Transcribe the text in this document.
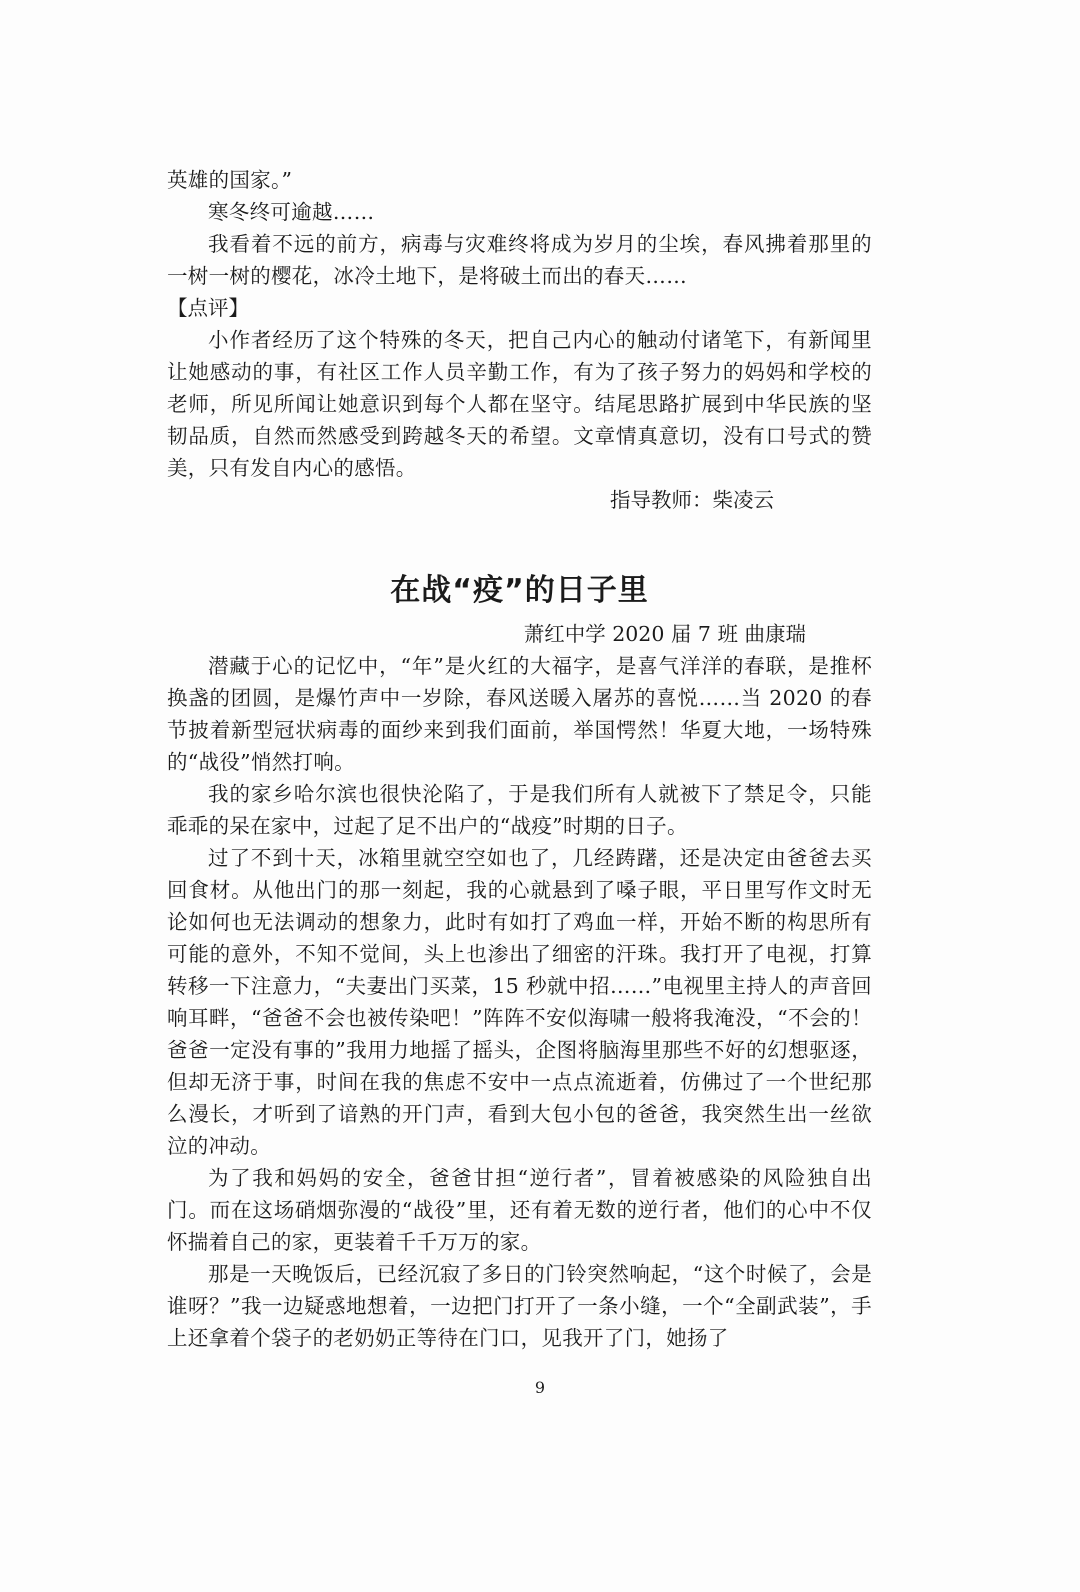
英雄的国家。”

寒冬终可逾越……

我看着不远的前方，病毒与灾难终将成为岁月的尘埃，春风拂着那里的一树一树的樱花，冰冷土地下，是将破土而出的春天……

【点评】

小作者经历了这个特殊的冬天，把自己内心的触动付诸笔下，有新闻里让她感动的事，有社区工作人员辛勤工作，有为了孩子努力的妈妈和学校的老师，所见所闻让她意识到每个人都在坚守。结尾思路扩展到中华民族的坚韧品质，自然而然感受到跨越冬天的希望。文章情真意切，没有口号式的赞美，只有发自内心的感悟。

指导教师：柴凌云

在战“疫”的日子里

萧红中学 2020 届 7 班 曲康瑞

潜藏于心的记忆中，“年”是火红的大福字，是喜气洋洋的春联，是推杯换盏的团圆，是爆竹声中一岁除，春风送暖入屠苏的喜悦……当 2020 的春节披着新型冠状病毒的面纱来到我们面前，举国愕然！华夏大地，一场特殊的“战役”悄然打响。

我的家乡哈尔滨也很快沦陷了，于是我们所有人就被下了禁足令，只能乖乖的呆在家中，过起了足不出户的“战疫”时期的日子。

过了不到十天，冰箱里就空空如也了，几经踌躇，还是决定由爸爸去买回食材。从他出门的那一刻起，我的心就悬到了嗓子眼，平日里写作文时无论如何也无法调动的想象力，此时有如打了鸡血一样，开始不断的构思所有可能的意外，不知不觉间，头上也渗出了细密的汗珠。我打开了电视，打算转移一下注意力，“夫妻出门买菜，15 秒就中招……”电视里主持人的声音回响耳畔，“爸爸不会也被传染吧！”阵阵不安似海啸一般将我淹没，“不会的！爸爸一定没有事的”我用力地摇了摇头，企图将脑海里那些不好的幻想驱逐，但却无济于事，时间在我的焦虑不安中一点点流逝着，仿佛过了一个世纪那么漫长，才听到了谙熟的开门声，看到大包小包的爸爸，我突然生出一丝欲泣的冲动。

为了我和妈妈的安全，爸爸甘担“逆行者”，冒着被感染的风险独自出门。而在这场硝烟弥漫的“战役”里，还有着无数的逆行者，他们的心中不仅怀揣着自己的家，更装着千千万万的家。

那是一天晚饭后，已经沉寂了多日的门铃突然响起，“这个时候了，会是谁呀？”我一边疑惑地想着，一边把门打开了一条小缝，一个“全副武装”，手上还拿着个袋子的老奶奶正等待在门口，见我开了门，她扬了

9
